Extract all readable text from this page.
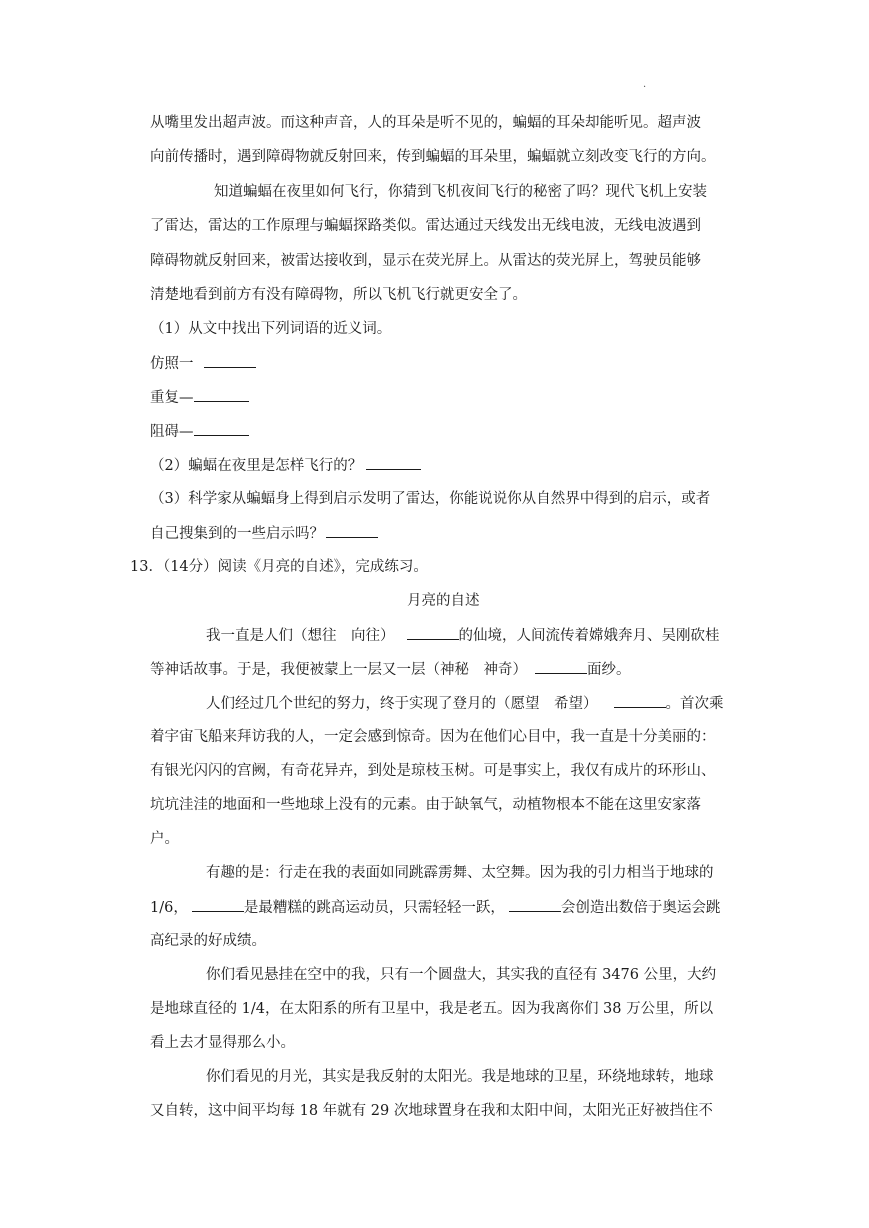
·
从嘴里发出超声波。而这种声音，人的耳朵是听不见的，蝙蝠的耳朵却能听见。超声波
向前传播时，遇到障碍物就反射回来，传到蝙蝠的耳朵里，蝙蝠就立刻改变飞行的方向。
知道蝙蝠在夜里如何飞行，你猜到飞机夜间飞行的秘密了吗？现代飞机上安装
了雷达，雷达的工作原理与蝙蝠探路类似。雷达通过天线发出无线电波，无线电波遇到
障碍物就反射回来，被雷达接收到，显示在荧光屏上。从雷达的荧光屏上，驾驶员能够
清楚地看到前方有没有障碍物，所以飞机飞行就更安全了。
（1）从文中找出下列词语的近义词。
仿照一
重复—
阻碍—
（2）蝙蝠在夜里是怎样飞行的？
（3）科学家从蝙蝠身上得到启示发明了雷达，你能说说你从自然界中得到的启示，或者
自己搜集到的一些启示吗？
13．（14分）阅读《月亮的自述》，完成练习。
月亮的自述
我一直是人们（想往　向往）	的仙境，人间流传着嫦娥奔月、吴刚砍桂
等神话故事。于是，我便被蒙上一层又一层（神秘　神奇）	面纱。
人们经过几个世纪的努力，终于实现了登月的（愿望　希望）	。首次乘
着宇宙飞船来拜访我的人，一定会感到惊奇。因为在他们心目中，我一直是十分美丽的：
有银光闪闪的宫阙，有奇花异卉，到处是琼枝玉树。可是事实上，我仅有成片的环形山、
坑坑洼洼的地面和一些地球上没有的元素。由于缺氧气，动植物根本不能在这里安家落
户。
有趣的是：行走在我的表面如同跳霹雳舞、太空舞。因为我的引力相当于地球的
1/6，	是最糟糕的跳高运动员，只需轻轻一跃，	会创造出数倍于奥运会跳
高纪录的好成绩。
你们看见悬挂在空中的我，只有一个圆盘大，其实我的直径有 3476 公里，大约
是地球直径的 1/4，在太阳系的所有卫星中，我是老五。因为我离你们 38 万公里，所以
看上去才显得那么小。
你们看见的月光，其实是我反射的太阳光。我是地球的卫星，环绕地球转，地球
又自转，这中间平均每 18 年就有 29 次地球置身在我和太阳中间，太阳光正好被挡住不
